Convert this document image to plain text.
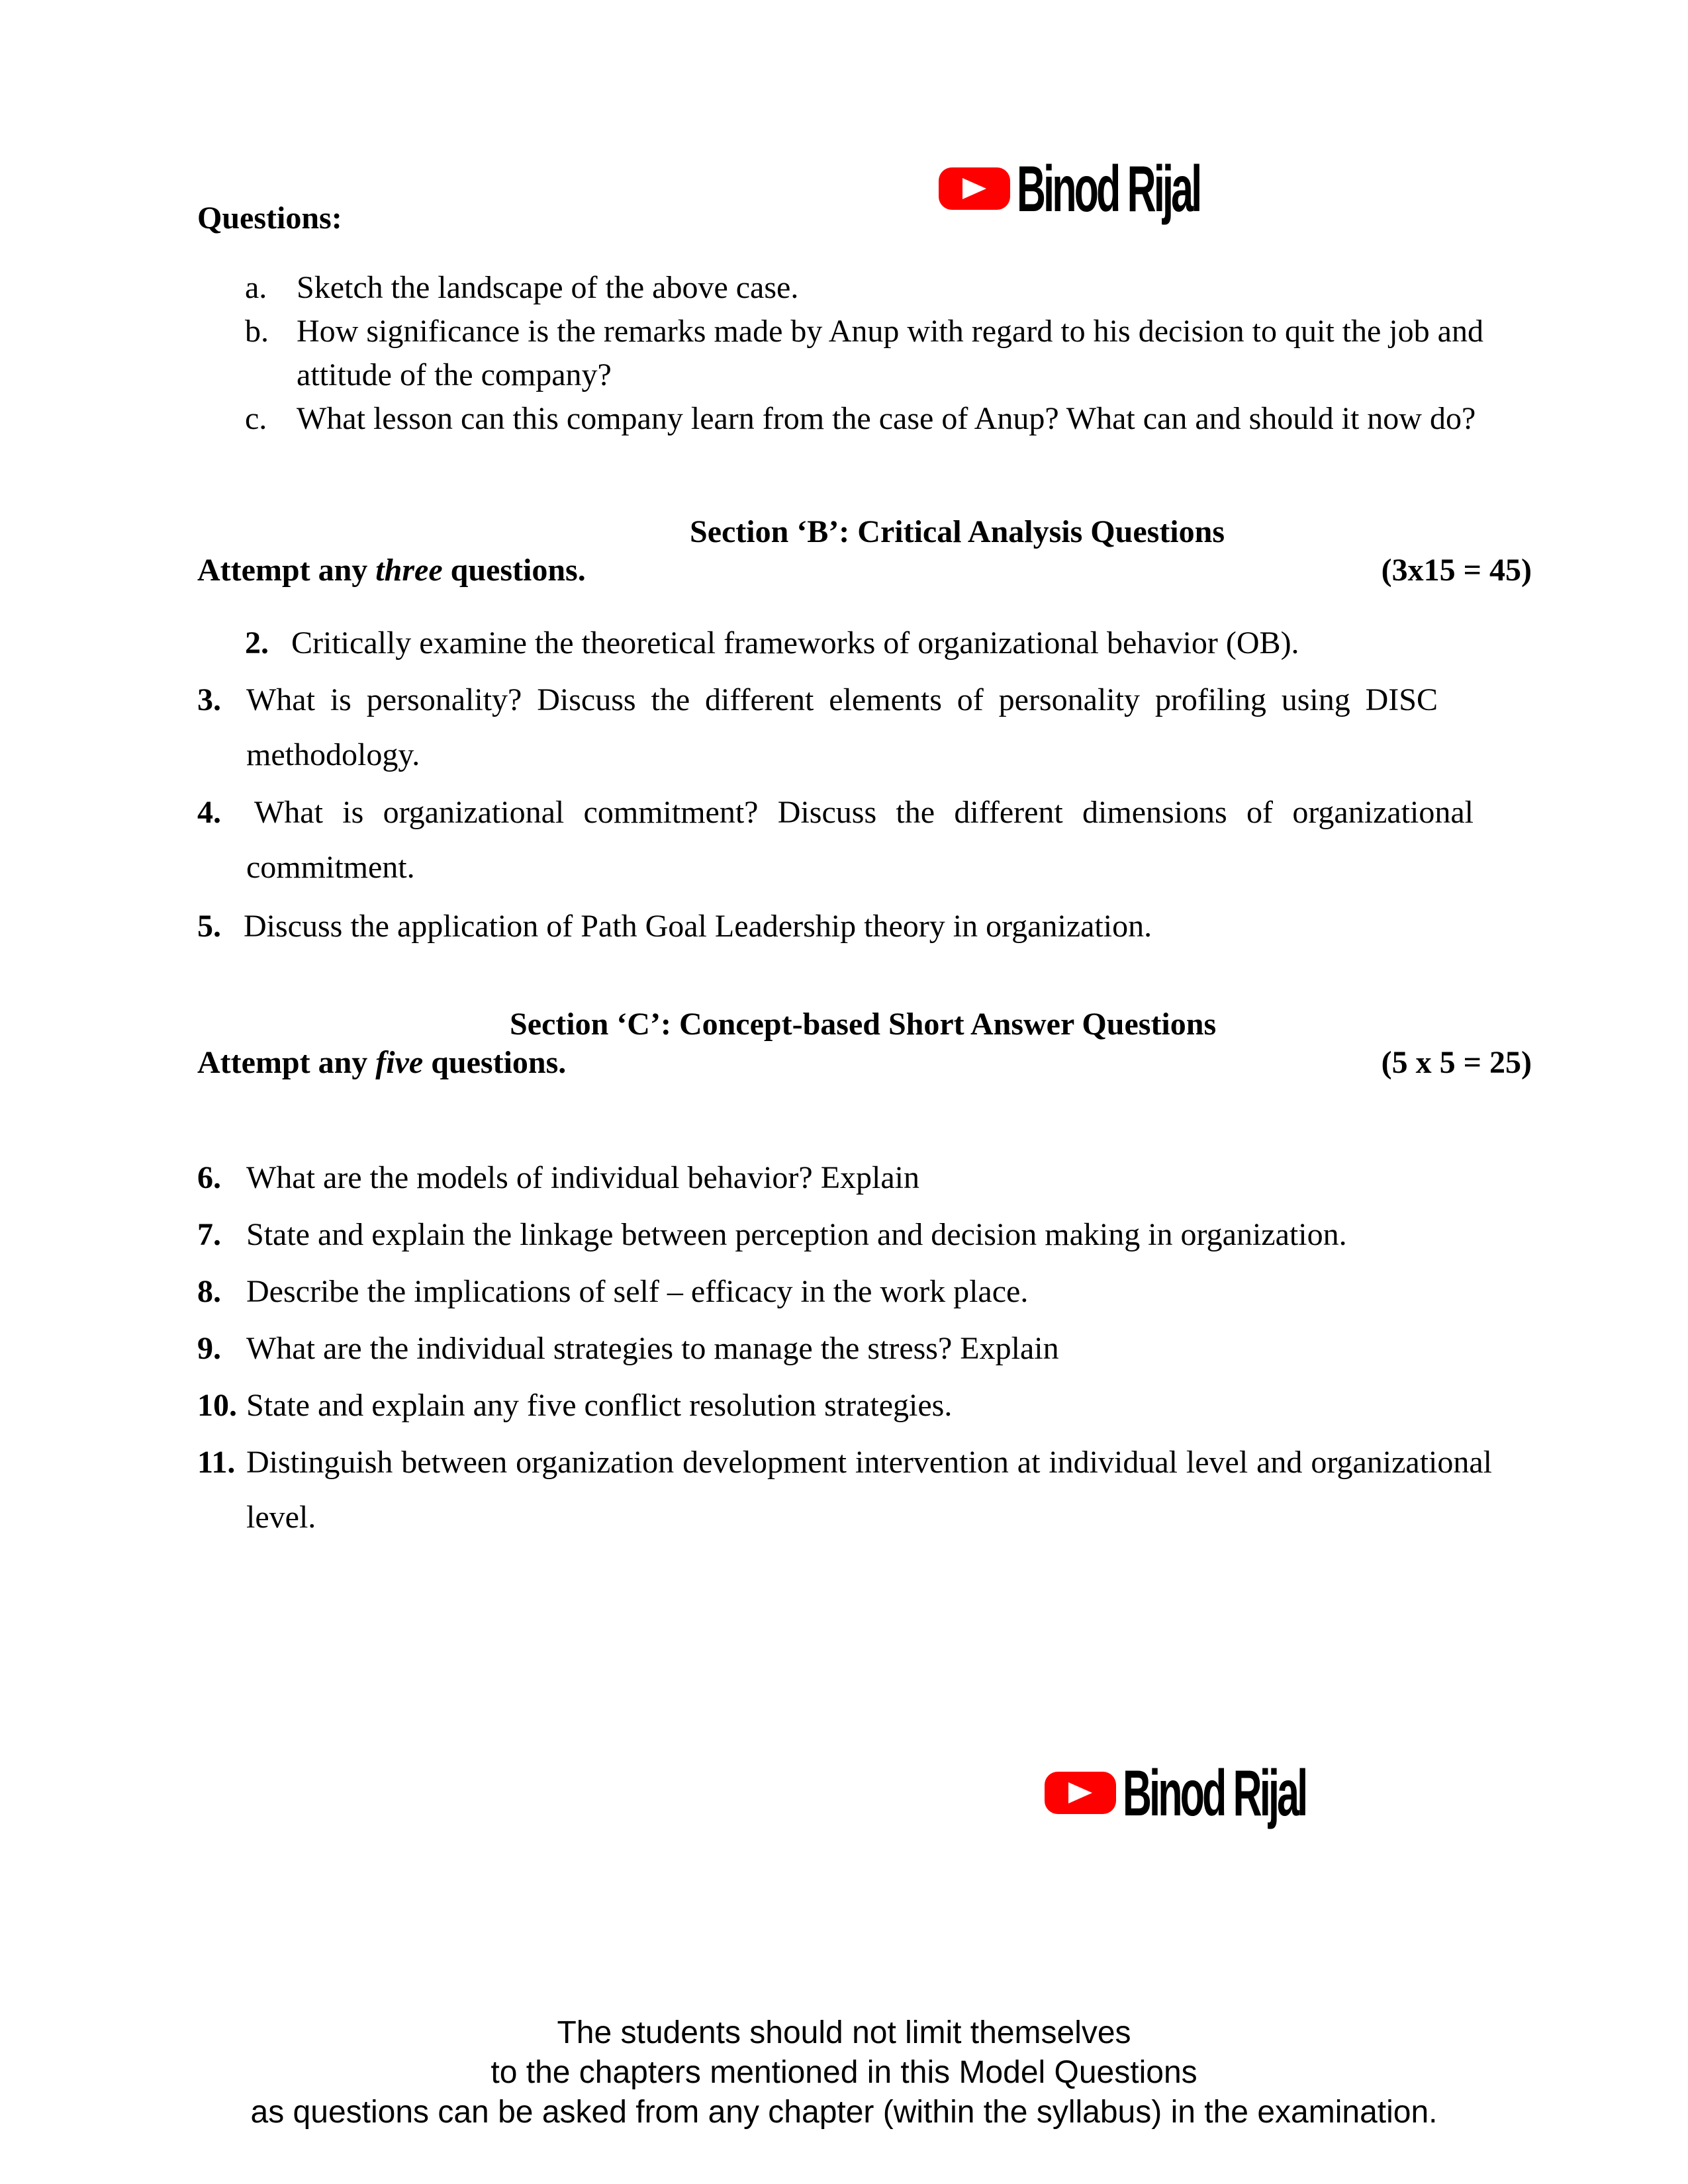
Binod Rijal
Questions:
a. Sketch the landscape of the above case.
b. How significance is the remarks made by Anup with regard to his decision to quit the job and
attitude of the company?
c. What lesson can this company learn from the case of Anup? What can and should it now do?
Section ‘B’: Critical Analysis Questions
Attempt any three questions.	(3x15 = 45)
2. Critically examine the theoretical frameworks of organizational behavior (OB).
3. What is personality? Discuss the different elements of personality profiling using DISC
methodology.
4. What is organizational commitment? Discuss the different dimensions of organizational
commitment.
5. Discuss the application of Path Goal Leadership theory in organization.
Section ‘C’: Concept-based Short Answer Questions
Attempt any five questions.	(5 x 5 = 25)
6. What are the models of individual behavior? Explain
7. State and explain the linkage between perception and decision making in organization.
8. Describe the implications of self – efficacy in the work place.
9. What are the individual strategies to manage the stress? Explain
10. State and explain any five conflict resolution strategies.
11. Distinguish between organization development intervention at individual level and organizational
level.
Binod Rijal
The students should not limit themselves
to the chapters mentioned in this Model Questions
as questions can be asked from any chapter (within the syllabus) in the examination.
